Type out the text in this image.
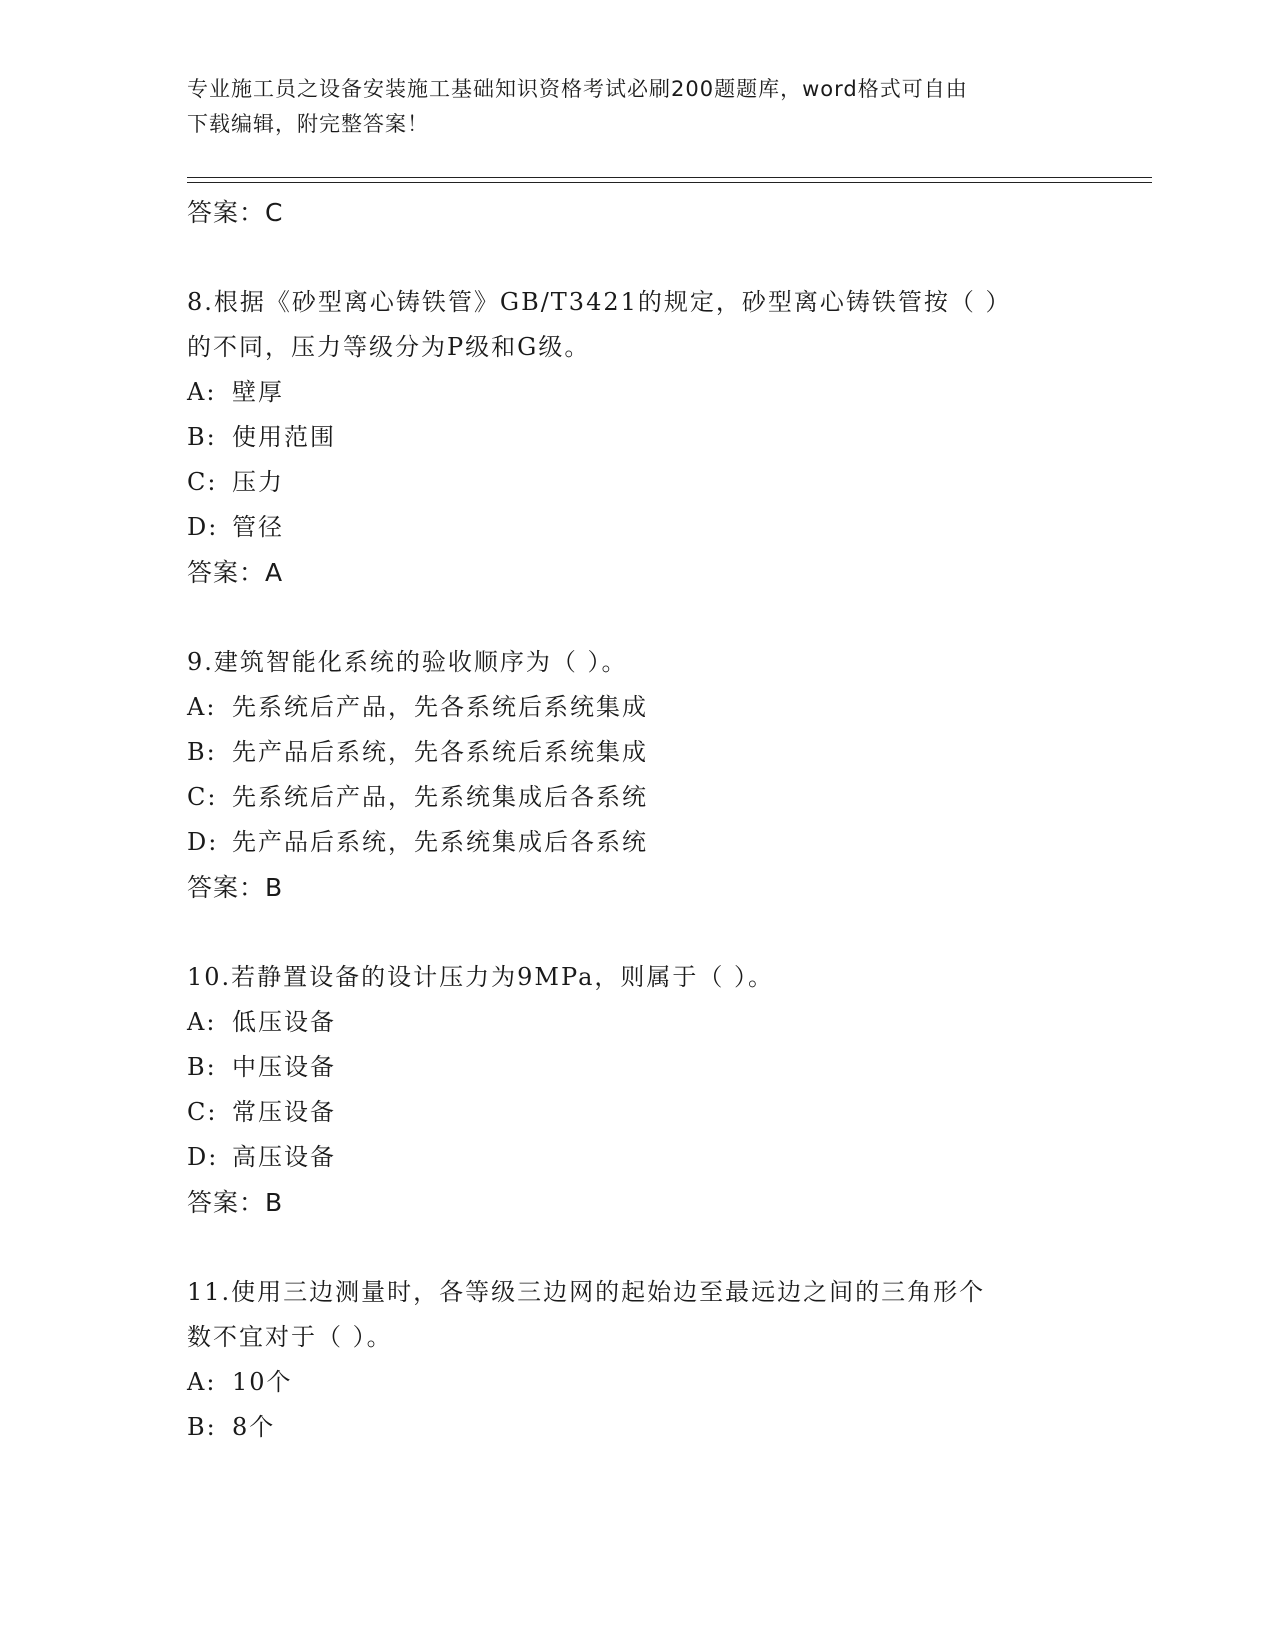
专业施工员之设备安装施工基础知识资格考试必刷200题题库，word格式可自由
下载编辑，附完整答案！
答案：C
8.根据《砂型离心铸铁管》GB/T3421的规定，砂型离心铸铁管按（ ）
的不同，压力等级分为P级和G级。
A: 壁厚
B: 使用范围
C: 压力
D: 管径
答案：A
9.建筑智能化系统的验收顺序为（ ）。
A: 先系统后产品，先各系统后系统集成
B: 先产品后系统，先各系统后系统集成
C: 先系统后产品，先系统集成后各系统
D: 先产品后系统，先系统集成后各系统
答案：B
10.若静置设备的设计压力为9MPa，则属于（ ）。
A: 低压设备
B: 中压设备
C: 常压设备
D: 高压设备
答案：B
11.使用三边测量时，各等级三边网的起始边至最远边之间的三角形个
数不宜对于（ ）。
A: 10个
B: 8个
